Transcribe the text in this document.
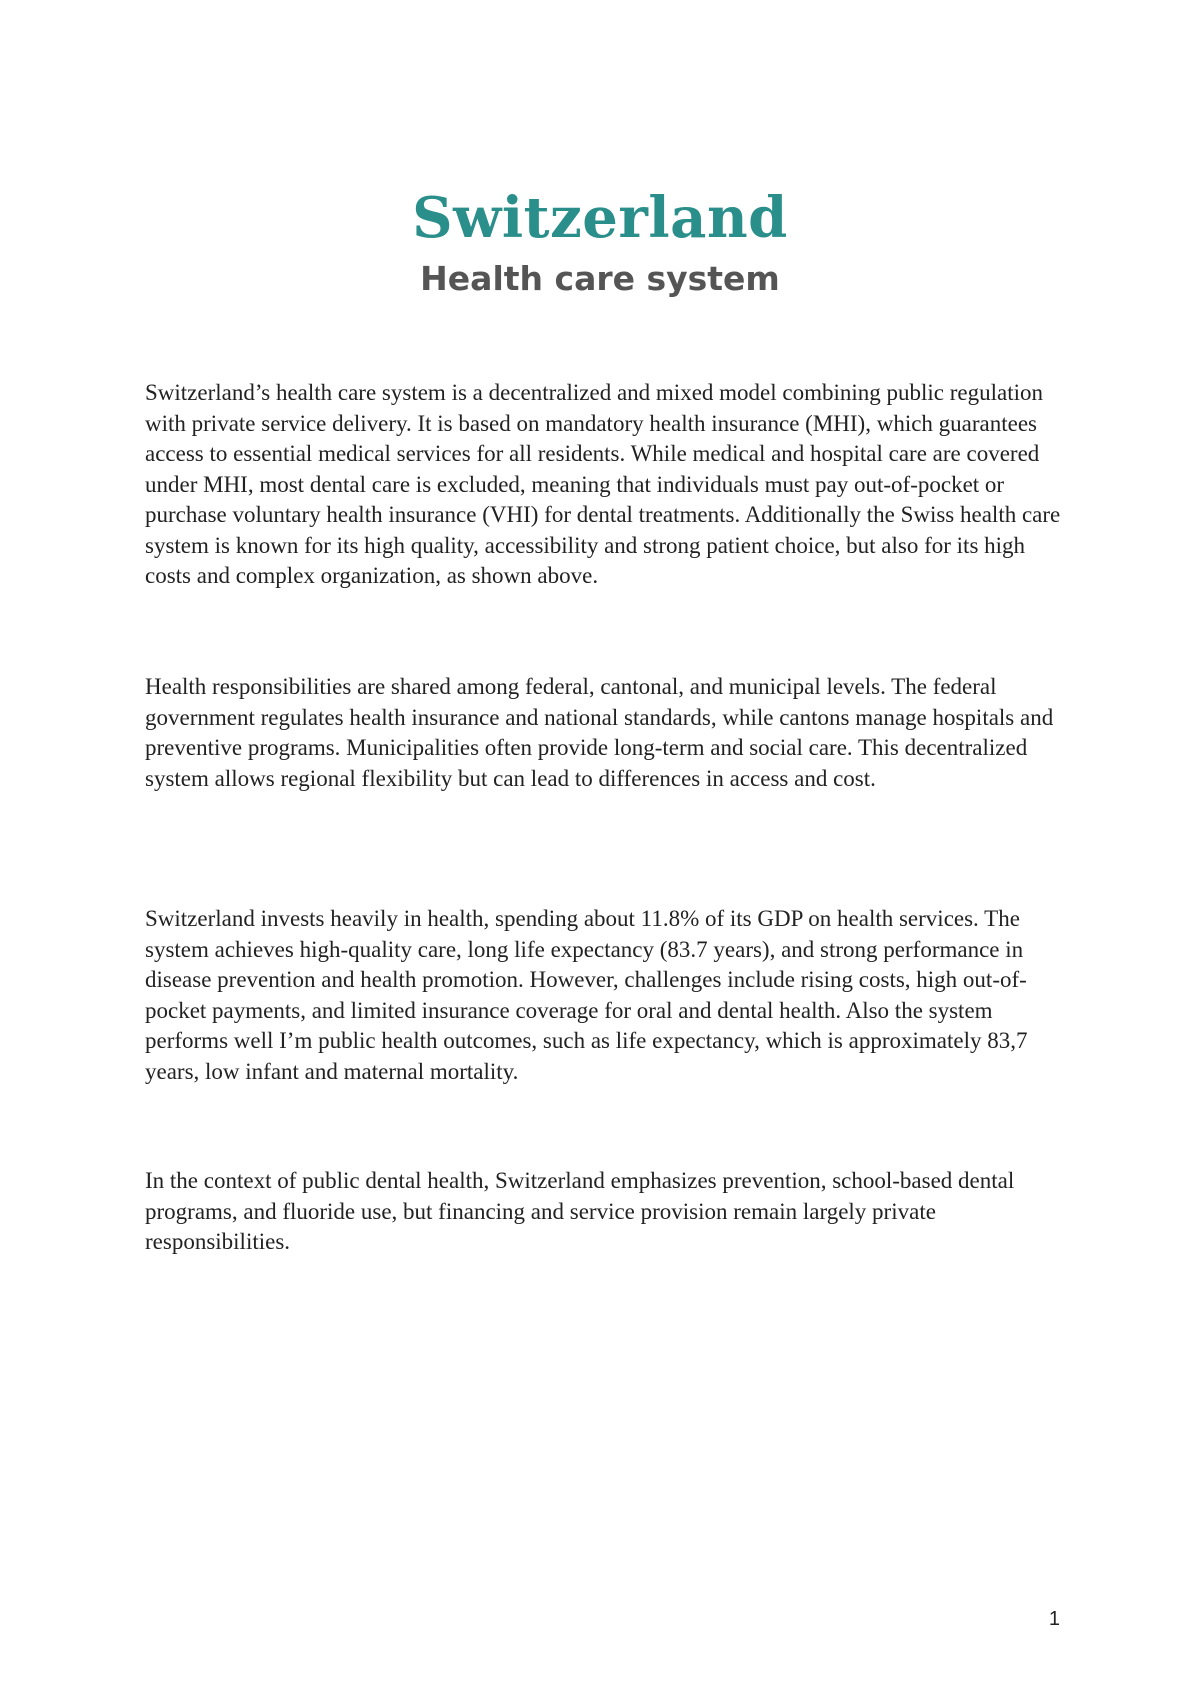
Switzerland
Health care system

Switzerland’s health care system is a decentralized and mixed model combining public regulation with private service delivery. It is based on mandatory health insurance (MHI), which guarantees access to essential medical services for all residents. While medical and hospital care are covered under MHI, most dental care is excluded, meaning that individuals must pay out-of-pocket or purchase voluntary health insurance (VHI) for dental treatments. Additionally the Swiss health care system is known for its high quality, accessibility and strong patient choice, but also for its high costs and complex organization, as shown above.

Health responsibilities are shared among federal, cantonal, and municipal levels. The federal government regulates health insurance and national standards, while cantons manage hospitals and preventive programs. Municipalities often provide long-term and social care. This decentralized system allows regional flexibility but can lead to differences in access and cost.

Switzerland invests heavily in health, spending about 11.8% of its GDP on health services. The system achieves high-quality care, long life expectancy (83.7 years), and strong performance in disease prevention and health promotion. However, challenges include rising costs, high out-of-pocket payments, and limited insurance coverage for oral and dental health. Also the system performs well I’m public health outcomes, such as life expectancy, which is approximately 83,7 years, low infant and maternal mortality.

In the context of public dental health, Switzerland emphasizes prevention, school-based dental programs, and fluoride use, but financing and service provision remain largely private responsibilities.

1
